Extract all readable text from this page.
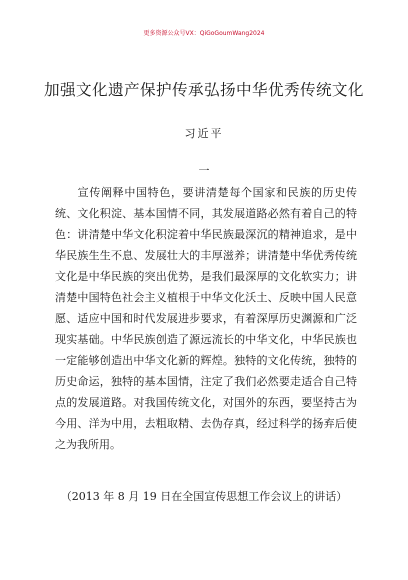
更多资源公众号VX：QiGoGoumWang2024
加强文化遗产保护传承弘扬中华优秀传统文化
习近平
一

宣传阐释中国特色，要讲清楚每个国家和民族的历史传统、文化积淀、基本国情不同，其发展道路必然有着自己的特色：讲清楚中华文化积淀着中华民族最深沉的精神追求，是中华民族生生不息、发展壮大的丰厚滋养；讲清楚中华优秀传统文化是中华民族的突出优势，是我们最深厚的文化软实力；讲清楚中国特色社会主义植根于中华文化沃土、反映中国人民意愿、适应中国和时代发展进步要求，有着深厚历史渊源和广泛现实基础。中华民族创造了源远流长的中华文化，中华民族也一定能够创造出中华文化新的辉煌。独特的文化传统，独特的历史命运，独特的基本国情，注定了我们必然要走适合自己特点的发展道路。对我国传统文化，对国外的东西，要坚持古为今用、洋为中用，去粗取精、去伪存真，经过科学的扬弃后使之为我所用。

（2013 年 8 月 19 日在全国宣传思想工作会议上的讲话）
